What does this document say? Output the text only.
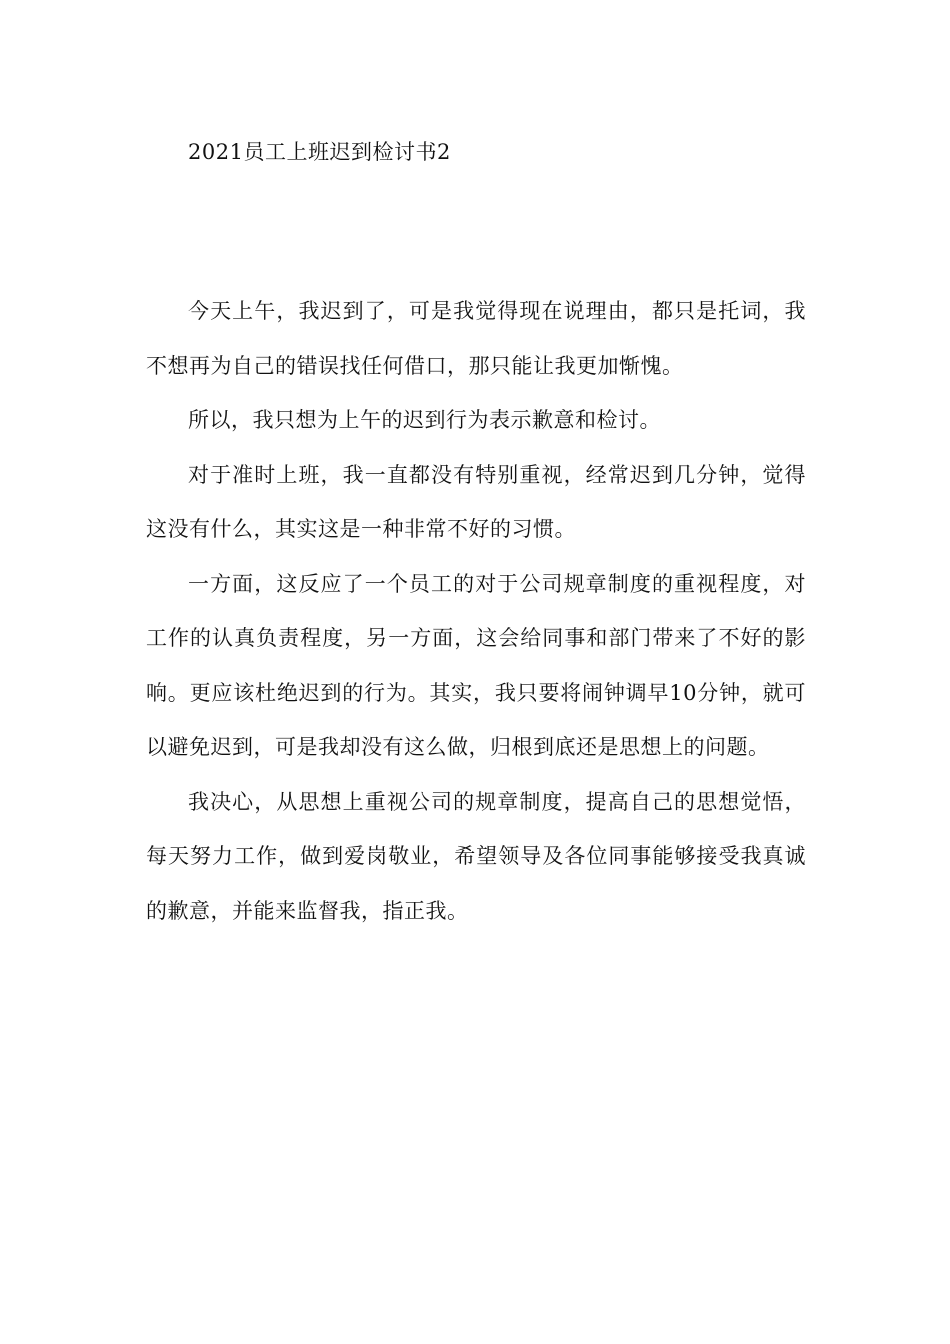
2021员工上班迟到检讨书2

今天上午，我迟到了，可是我觉得现在说理由，都只是托词，我不想再为自己的错误找任何借口，那只能让我更加惭愧。

所以，我只想为上午的迟到行为表示歉意和检讨。

对于准时上班，我一直都没有特别重视，经常迟到几分钟，觉得这没有什么，其实这是一种非常不好的习惯。

一方面，这反应了一个员工的对于公司规章制度的重视程度，对工作的认真负责程度，另一方面，这会给同事和部门带来了不好的影响。更应该杜绝迟到的行为。其实，我只要将闹钟调早10分钟，就可以避免迟到，可是我却没有这么做，归根到底还是思想上的问题。

我决心，从思想上重视公司的规章制度，提高自己的思想觉悟，每天努力工作，做到爱岗敬业，希望领导及各位同事能够接受我真诚的歉意，并能来监督我，指正我。
